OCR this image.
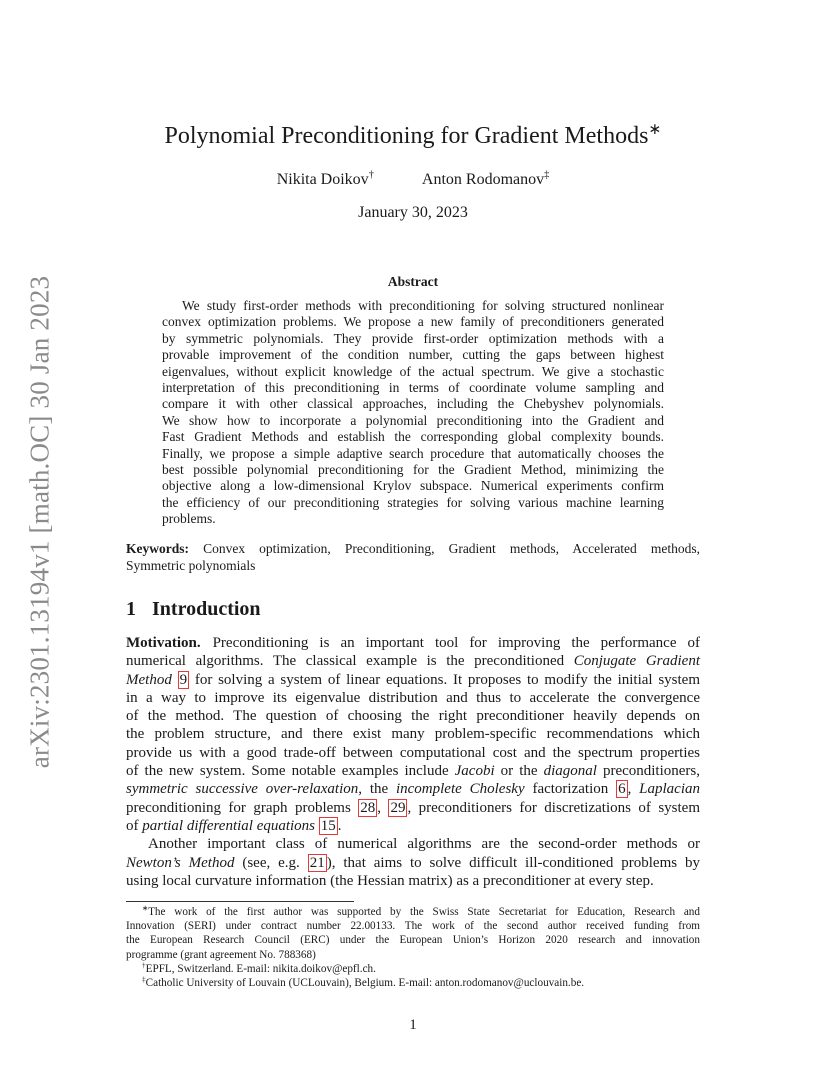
arXiv:2301.13194v1 [math.OC] 30 Jan 2023
Polynomial Preconditioning for Gradient Methods∗
Nikita Doikov†	Anton Rodomanov‡
January 30, 2023
Abstract
We study first-order methods with preconditioning for solving structured nonlinear
convex optimization problems. We propose a new family of preconditioners generated
by symmetric polynomials. They provide first-order optimization methods with a
provable improvement of the condition number, cutting the gaps between highest
eigenvalues, without explicit knowledge of the actual spectrum. We give a stochastic
interpretation of this preconditioning in terms of coordinate volume sampling and
compare it with other classical approaches, including the Chebyshev polynomials.
We show how to incorporate a polynomial preconditioning into the Gradient and
Fast Gradient Methods and establish the corresponding global complexity bounds.
Finally, we propose a simple adaptive search procedure that automatically chooses the
best possible polynomial preconditioning for the Gradient Method, minimizing the
objective along a low-dimensional Krylov subspace. Numerical experiments confirm
the efficiency of our preconditioning strategies for solving various machine learning
problems.
Keywords: Convex optimization, Preconditioning, Gradient methods, Accelerated methods,
Symmetric polynomials
1 Introduction
Motivation. Preconditioning is an important tool for improving the performance of
numerical algorithms. The classical example is the preconditioned Conjugate Gradient
Method 9 for solving a system of linear equations. It proposes to modify the initial system
in a way to improve its eigenvalue distribution and thus to accelerate the convergence
of the method. The question of choosing the right preconditioner heavily depends on
the problem structure, and there exist many problem-specific recommendations which
provide us with a good trade-off between computational cost and the spectrum properties
of the new system. Some notable examples include Jacobi or the diagonal preconditioners,
symmetric successive over-relaxation, the incomplete Cholesky factorization 6 , Laplacian
preconditioning for graph problems 28 , 29 , preconditioners for discretizations of system
of partial differential equations 15 .
Another important class of numerical algorithms are the second-order methods or
Newton’s Method (see, e.g. 21 ), that aims to solve difficult ill-conditioned problems by
using local curvature information (the Hessian matrix) as a preconditioner at every step.
∗The work of the first author was supported by the Swiss State Secretariat for Education, Research and
Innovation (SERI) under contract number 22.00133. The work of the second author received funding from
the European Research Council (ERC) under the European Union’s Horizon 2020 research and innovation
programme (grant agreement No. 788368)
†EPFL, Switzerland. E-mail: nikita.doikov@epfl.ch.
‡Catholic University of Louvain (UCLouvain), Belgium. E-mail: anton.rodomanov@uclouvain.be.
1
